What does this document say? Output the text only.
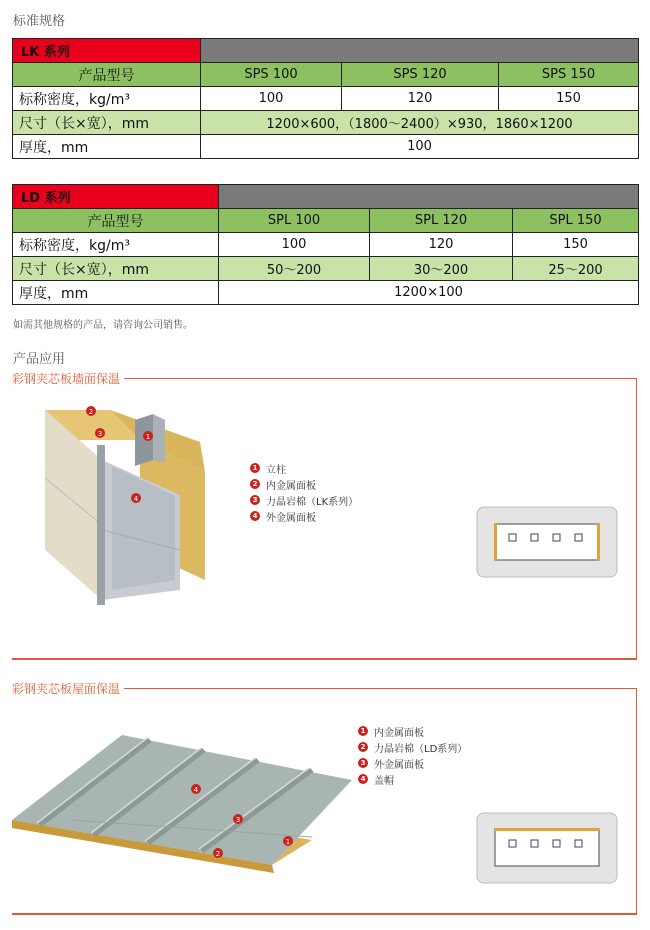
标准规格
LK 系列			
产品型号	SPS 100	SPS 120	SPS 150
标称密度，kg/m³	100	120	150
尺寸（长×宽），mm	1200×600，（1800〜2400）×930，1860×1200		
厚度，mm	100		
LD 系列			
产品型号	SPL 100	SPL 120	SPL 150
标称密度，kg/m³	100	120	150
尺寸（长×宽），mm	50〜200	30〜200	25〜200
厚度，mm	1200×100		
如需其他规格的产品，请咨询公司销售。
产品应用
彩钢夹芯板墙面保温
2
3	1
4
1 立柱
2 内金属面板
3 力晶岩棉（LK系列）
4 外金属面板
彩钢夹芯板屋面保温
1
2
3
4
1 内金属面板
2 力晶岩棉（LD系列）
3 外金属面板
4 盖帽
